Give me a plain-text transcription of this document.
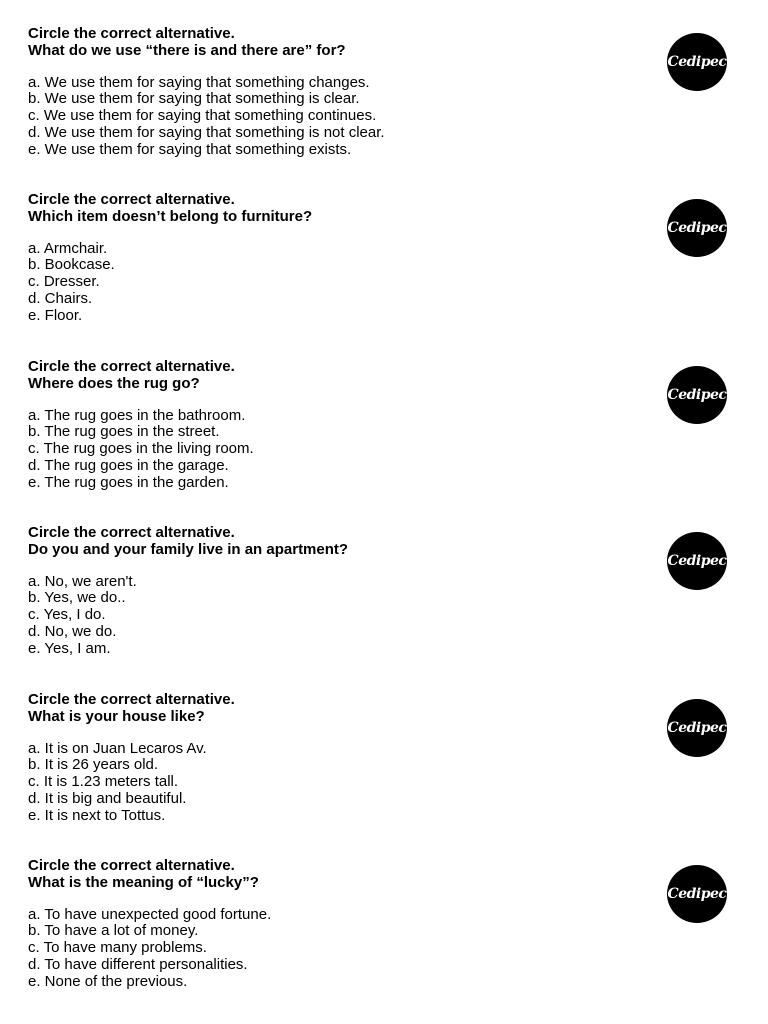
Circle the correct alternative.

What do we use “there is and there are” for?

a. We use them for saying that something changes.
b. We use them for saying that something is clear.
c. We use them for saying that something continues.
d. We use them for saying that something is not clear.
e. We use them for saying that something exists.
Cedipec

Circle the correct alternative.

Which item doesn’t belong to furniture?

a. Armchair.
b. Bookcase.
c. Dresser.
d. Chairs.
e. Floor.
Cedipec

Circle the correct alternative.

Where does the rug go?

a. The rug goes in the bathroom.
b. The rug goes in the street.
c. The rug goes in the living room.
d. The rug goes in the garage.
e. The rug goes in the garden.
Cedipec

Circle the correct alternative.

Do you and your family live in an apartment?

a. No, we aren't.
b. Yes, we do..
c. Yes, I do.
d. No, we do.
e. Yes, I am.
Cedipec

Circle the correct alternative.

What is your house like?

a. It is on Juan Lecaros Av.
b. It is 26 years old.
c. It is 1.23 meters tall.
d. It is big and beautiful.
e. It is next to Tottus.
Cedipec

Circle the correct alternative.

What is the meaning of “lucky”?

a. To have unexpected good fortune.
b. To have a lot of money.
c. To have many problems.
d. To have different personalities.
e. None of the previous.
Cedipec
